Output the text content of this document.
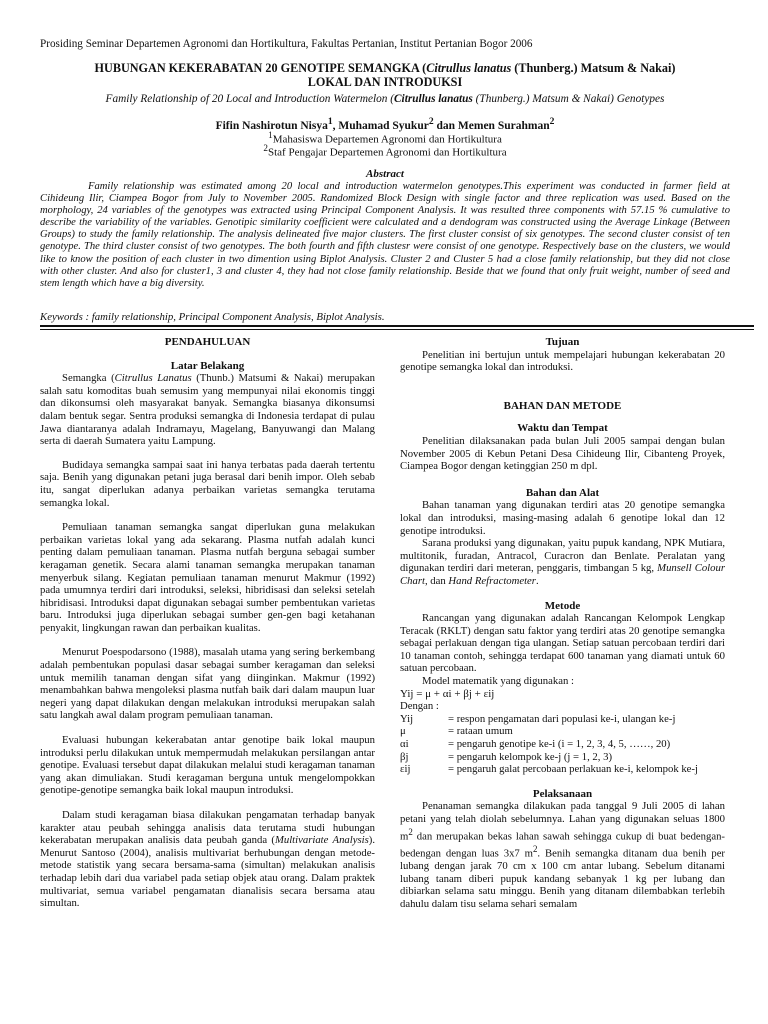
Prosiding Seminar Departemen Agronomi dan Hortikultura, Fakultas Pertanian, Institut Pertanian Bogor 2006
HUBUNGAN KEKERABATAN 20 GENOTIPE SEMANGKA (Citrullus lanatus (Thunberg.) Matsum & Nakai)
LOKAL DAN INTRODUKSI
Family Relationship of 20 Local and Introduction Watermelon (Citrullus lanatus (Thunberg.) Matsum & Nakai) Genotypes
Fifin Nashirotun Nisya$^1$, Muhamad Syukur$^2$ dan Memen Surahman$^2$
$^1$Mahasiswa Departemen Agronomi dan Hortikultura
$^2$Staf Pengajar Departemen Agronomi dan Hortikultura
Abstract

Family relationship was estimated among 20 local and introduction watermelon genotypes.This experiment was conducted in farmer field at Cihideung Ilir, Ciampea Bogor from July to November 2005. Randomized Block Design with single factor and three replication was used. Based on the morphology, 24 variables of the genotypes was extracted using Principal Component Analysis. It was resulted three components with 57.15 % cumulative to describe the variability of the variables. Genotipic similarity coefficient were calculated and a dendogram was constructed using the Average Linkage (Between Groups) to study the family relationship. The analysis delineated five major clusters. The first cluster consist of six genotypes. The second cluster consist of ten genotype. The third cluster consist of two genotypes. The both fourth and fifth clustesr were consist of one genotype. Respectively base on the clusters, we would like to know the position of each cluster in two dimention using Biplot Analysis. Cluster 2 and Cluster 5 had a close family relationship, but they did not close with other cluster. And also for cluster1, 3 and cluster 4, they had not close family relationship. Beside that we found that only fruit weight, number of seed and stem length which have a big diversity.

Keywords : family relationship, Principal Component Analysis, Biplot Analysis.

PENDAHULUAN

Latar Belakang

Semangka (Citrullus Lanatus (Thunb.) Matsumi & Nakai) merupakan salah satu komoditas buah semusim yang mempunyai nilai ekonomis tinggi dan dikonsumsi oleh masyarakat banyak. Semangka biasanya dikonsumsi dalam bentuk segar. Sentra produksi semangka di Indonesia terdapat di pulau Jawa diantaranya adalah Indramayu, Magelang, Banyuwangi dan Malang serta di daerah Sumatera yaitu Lampung.

Budidaya semangka sampai saat ini hanya terbatas pada daerah tertentu saja. Benih yang digunakan petani juga berasal dari benih impor. Oleh sebab itu, sangat diperlukan adanya perbaikan varietas semangka terutama semangka lokal.

Pemuliaan tanaman semangka sangat diperlukan guna melakukan perbaikan varietas lokal yang ada sekarang. Plasma nutfah adalah kunci penting dalam pemuliaan tanaman. Plasma nutfah berguna sebagai sumber keragaman genetik. Secara alami tanaman semangka merupakan tanaman menyerbuk silang. Kegiatan pemuliaan tanaman menurut Makmur (1992) pada umumnya terdiri dari introduksi, seleksi, hibridisasi dan seleksi setelah hibridisasi. Introduksi dapat digunakan sebagai sumber pembentukan varietas baru. Introduksi juga diperlukan sebagai sumber gen-gen bagi ketahanan penyakit, lingkungan rawan dan perbaikan kualitas.

Menurut Poespodarsono (1988), masalah utama yang sering berkembang adalah pembentukan populasi dasar sebagai sumber keragaman dan seleksi untuk memilih tanaman dengan sifat yang diinginkan. Makmur (1992) menambahkan bahwa mengoleksi plasma nutfah baik dari dalam maupun luar negeri yang dapat dilakukan dengan melakukan introduksi merupakan salah satu langkah awal dalam program pemuliaan tanaman.

Evaluasi hubungan kekerabatan antar genotipe baik lokal maupun introduksi perlu dilakukan untuk mempermudah melakukan persilangan antar genotipe. Evaluasi tersebut dapat dilakukan melalui studi keragaman tanaman yang akan dimuliakan. Studi keragaman berguna untuk mengelompokkan genotipe-genotipe semangka baik lokal maupun introduksi.

Dalam studi keragaman biasa dilakukan pengamatan terhadap banyak karakter atau peubah sehingga analisis data terutama studi hubungan kekerabatan merupakan analisis data peubah ganda (Multivariate Analysis). Menurut Santoso (2004), analisis multivariat berhubungan dengan metode-metode statistik yang secara bersama-sama (simultan) melakukan analisis terhadap lebih dari dua variabel pada setiap objek atau orang. Dalam praktek multivariat, semua variabel pengamatan dianalisis secara bersama atau simultan.

Tujuan

Penelitian ini bertujun untuk mempelajari hubungan kekerabatan 20 genotipe semangka lokal dan introduksi.

BAHAN DAN METODE

Waktu dan Tempat

Penelitian dilaksanakan pada bulan Juli 2005 sampai dengan bulan November 2005 di Kebun Petani Desa Cihideung Ilir, Cibanteng Proyek, Ciampea Bogor dengan ketinggian 250 m dpl.

Bahan dan Alat

Bahan tanaman yang digunakan terdiri atas 20 genotipe semangka lokal dan introduksi, masing-masing adalah 6 genotipe lokal dan 12 genotipe introduksi.

Sarana produksi yang digunakan, yaitu pupuk kandang, NPK Mutiara, multitonik, furadan, Antracol, Curacron dan Benlate. Peralatan yang digunakan terdiri dari meteran, penggaris, timbangan 5 kg, Munsell Colour Chart, dan Hand Refractometer.

Metode

Rancangan yang digunakan adalah Rancangan Kelompok Lengkap Teracak (RKLT) dengan satu faktor yang terdiri atas 20 genotipe semangka sebagai perlakuan dengan tiga ulangan. Setiap satuan percobaan terdiri dari 10 tanaman contoh, sehingga terdapat 600 tanaman yang diamati untuk 60 satuan percobaan.

Model matematik yang digunakan :

Yij = μ + αi + βj + εij

Dengan :

Yij	= respon pengamatan dari populasi ke-i, ulangan ke-j
μ	= rataan umum
αi	= pengaruh genotipe ke-i (i = 1, 2, 3, 4, 5, ……, 20)
βj	= pengaruh kelompok ke-j (j = 1, 2, 3)
εij	= pengaruh galat percobaan perlakuan ke-i, kelompok ke-j

Pelaksanaan

Penanaman semangka dilakukan pada tanggal 9 Juli 2005 di lahan petani yang telah diolah sebelumnya. Lahan yang digunakan seluas 1800 $m^2$ dan merupakan bekas lahan sawah sehingga cukup di buat bedengan-bedengan dengan luas 3x7 $m^2$. Benih semangka ditanam dua benih per lubang dengan jarak 70 cm x 100 cm antar lubang. Sebelum ditanami lubang tanam diberi pupuk kandang sebanyak 1 kg per lubang dan dibiarkan selama satu minggu. Benih yang ditanam dilembabkan terlebih dahulu dalam tisu selama sehari semalam
